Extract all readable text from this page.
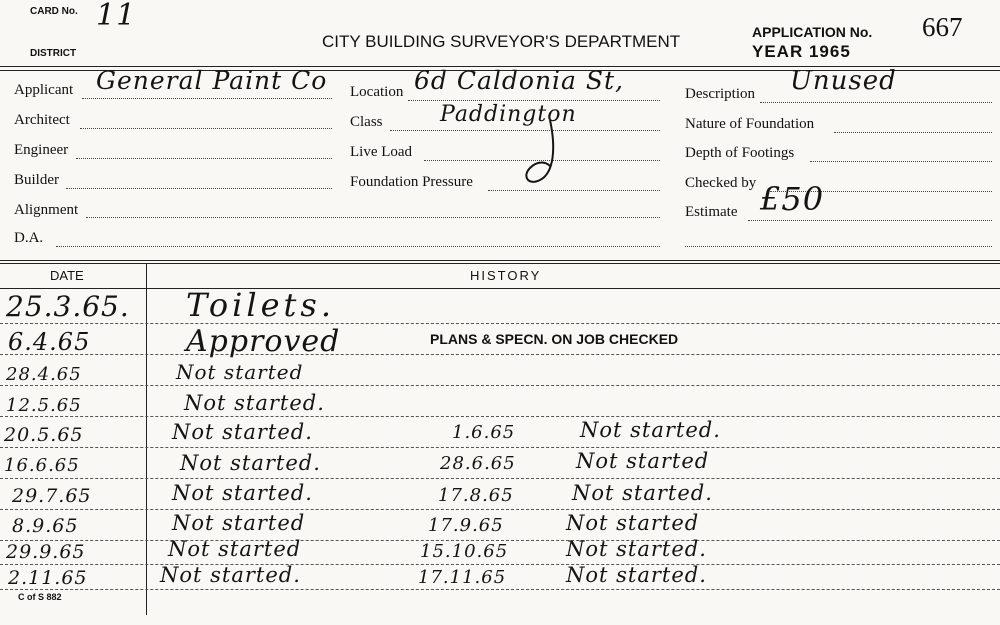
CARD No. 11
DISTRICT
CITY BUILDING SURVEYOR'S DEPARTMENT	APPLICATION No. 667
YEAR 1965
Applicant General Paint Co
Architect
Engineer
Builder
Alignment
D.A.
Location 6d Caldonia St,
Class	Paddington
Live Load
Foundation Pressure
Description Unused
Nature of Foundation
Depth of Footings
Checked by
Estimate £50
DATE	HISTORY
25.3.65. Toilets.
6.4.65	Approved	PLANS & SPECN. ON JOB CHECKED
28.4.65	Not started
12.5.65	Not started.
20.5.65	Not started.	1.6.65	Not started.
16.6.65	Not started.	28.6.65	Not started
29.7.65	Not started.	17.8.65	Not started.
8.9.65	Not started	17.9.65	Not started
29.9.65	Not started	15.10.65	Not started.
2.11.65	Not started.	17.11.65	Not started.
C of S 882
